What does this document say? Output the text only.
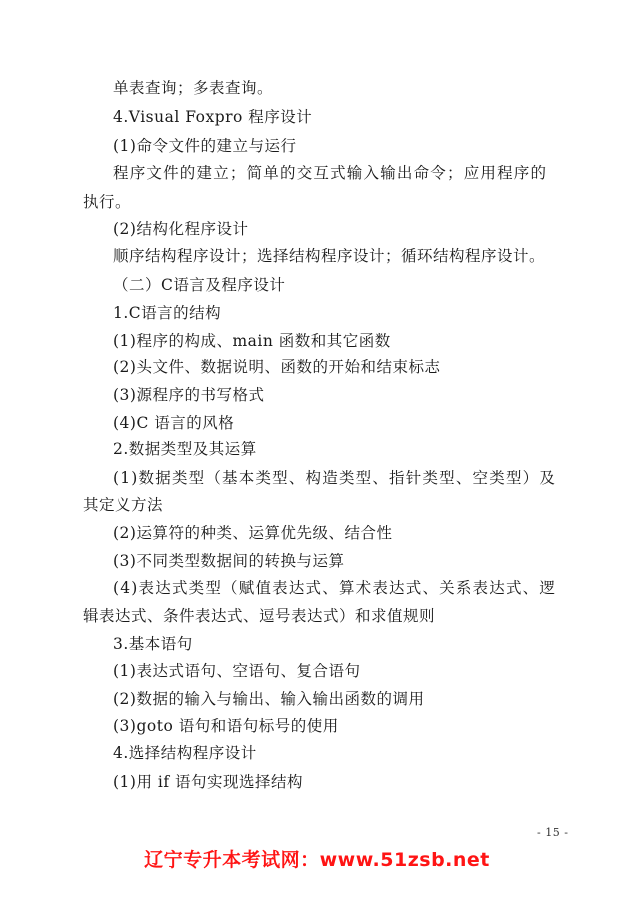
单表查询；多表查询。
4.Visual Foxpro 程序设计
(1)命令文件的建立与运行
程序文件的建立；简单的交互式输入输出命令；应用程序的
执行。
(2)结构化程序设计
顺序结构程序设计；选择结构程序设计；循环结构程序设计。
（二）C语言及程序设计
1.C语言的结构
(1)程序的构成、main 函数和其它函数
(2)头文件、数据说明、函数的开始和结束标志
(3)源程序的书写格式
(4)C 语言的风格
2.数据类型及其运算
(1)数据类型（基本类型、构造类型、指针类型、空类型）及
其定义方法
(2)运算符的种类、运算优先级、结合性
(3)不同类型数据间的转换与运算
(4)表达式类型（赋值表达式、算术表达式、关系表达式、逻
辑表达式、条件表达式、逗号表达式）和求值规则
3.基本语句
(1)表达式语句、空语句、复合语句
(2)数据的输入与输出、输入输出函数的调用
(3)goto 语句和语句标号的使用
4.选择结构程序设计
(1)用 if 语句实现选择结构
- 15 -
辽宁专升本考试网：www.51zsb.net
